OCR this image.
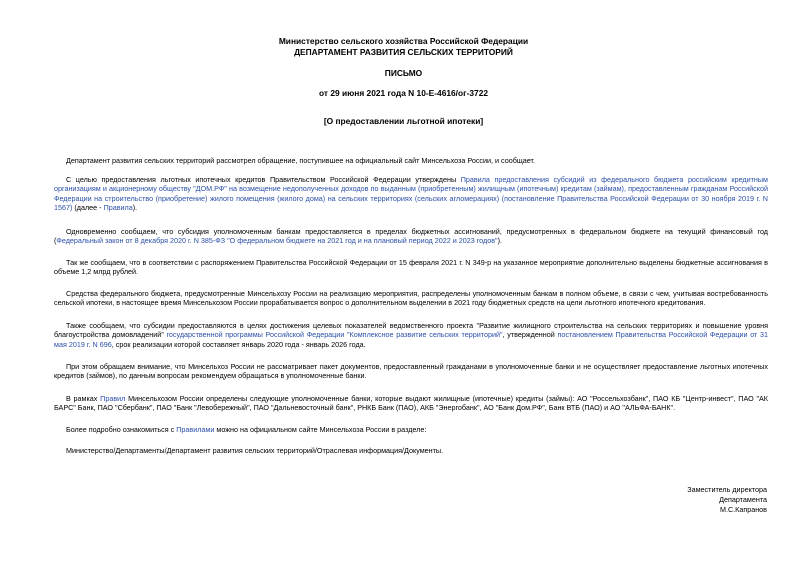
Министерство сельского хозяйства Российской Федерации
ДЕПАРТАМЕНТ РАЗВИТИЯ СЕЛЬСКИХ ТЕРРИТОРИЙ
ПИСЬМО
от 29 июня 2021 года N 10-Е-4616/ог-3722
[О предоставлении льготной ипотеки]

Департамент развития сельских территорий рассмотрел обращение, поступившее на официальный сайт Минсельхоза России, и сообщает.

С целью предоставления льготных ипотечных кредитов Правительством Российской Федерации утверждены Правила предоставления субсидий из федерального бюджета российским кредитным организациям и акционерному обществу "ДОМ.РФ" на возмещение недополученных доходов по выданным (приобретенным) жилищным (ипотечным) кредитам (займам), предоставленным гражданам Российской Федерации на строительство (приобретение) жилого помещения (жилого дома) на сельских территориях (сельских агломерациях) (постановление Правительства Российской Федерации от 30 ноября 2019 г. N 1567) (далее - Правила).

Одновременно сообщаем, что субсидия уполномоченным банкам предоставляется в пределах бюджетных ассигнований, предусмотренных в федеральном бюджете на текущий финансовый год (Федеральный закон от 8 декабря 2020 г. N 385-ФЗ "О федеральном бюджете на 2021 год и на плановый период 2022 и 2023 годов").

Так же сообщаем, что в соответствии с распоряжением Правительства Российской Федерации от 15 февраля 2021 г. N 349-р на указанное мероприятие дополнительно выделены бюджетные ассигнования в объеме 1,2 млрд рублей.

Средства федерального бюджета, предусмотренные Минсельхозу России на реализацию мероприятия, распределены уполномоченным банкам в полном объеме, в связи с чем, учитывая востребованность сельской ипотеки, в настоящее время Минсельхозом России прорабатывается вопрос о дополнительном выделении в 2021 году бюджетных средств на цели льготного ипотечного кредитования.

Также сообщаем, что субсидии предоставляются в целях достижения целевых показателей ведомственного проекта "Развитие жилищного строительства на сельских территориях и повышение уровня благоустройства домовладений" государственной программы Российской Федерации "Комплексное развитие сельских территорий", утвержденной постановлением Правительства Российской Федерации от 31 мая 2019 г. N 696, срок реализации которой составляет январь 2020 года - январь 2026 года.

При этом обращаем внимание, что Минсельхоз России не рассматривает пакет документов, предоставленный гражданами в уполномоченные банки и не осуществляет предоставление льготных ипотечных кредитов (займов), по данным вопросам рекомендуем обращаться в уполномоченные банки.

В рамках Правил Минсельхозом России определены следующие уполномоченные банки, которые выдают жилищные (ипотечные) кредиты (займы): АО "Россельхозбанк", ПАО КБ "Центр-инвест", ПАО "АК БАРС" Банк, ПАО "Сбербанк", ПАО "Банк "Левобережный", ПАО "Дальневосточный банк", РНКБ Банк (ПАО), АКБ "Энергобанк", АО "Банк Дом.РФ", Банк ВТБ (ПАО) и АО "АЛЬФА-БАНК".

Более подробно ознакомиться с Правилами можно на официальном сайте Минсельхоза России в разделе:

Министерство/Департаменты/Департамент развития сельских территорий/Отраслевая информация/Документы.

Заместитель директора
Департамента
М.С.Капранов
